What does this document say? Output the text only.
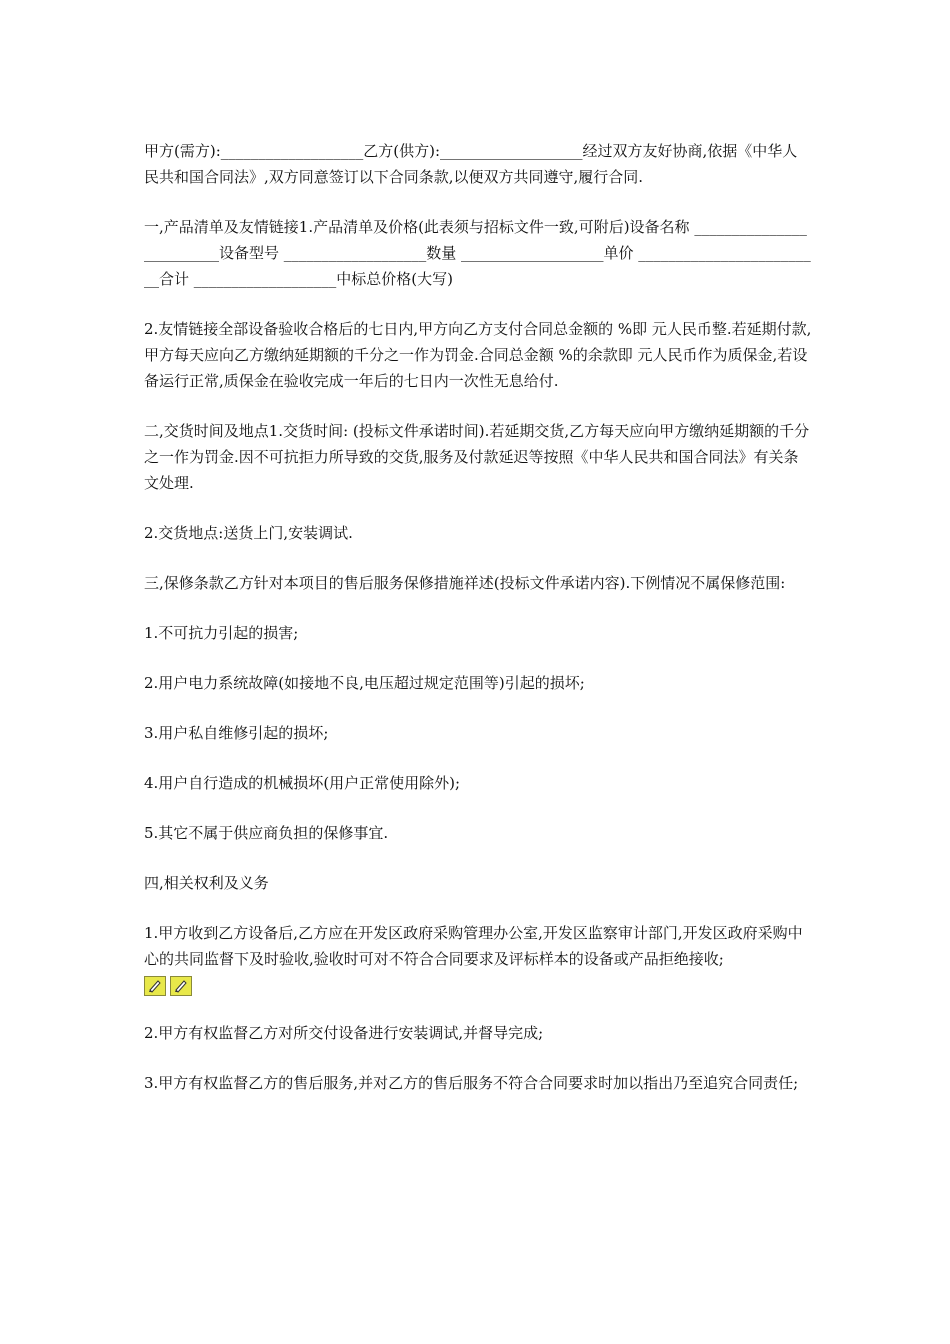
甲方(需方):___________________乙方(供方):___________________经过双方友好协商,依据《中华人民共和国合同法》,双方同意签订以下合同条款,以便双方共同遵守,履行合同.

一,产品清单及友情链接1.产品清单及价格(此表须与招标文件一致,可附后)设备名称 _________________________设备型号 ___________________数量 ___________________单价 _________________________合计 ___________________中标总价格(大写)

2.友情链接全部设备验收合格后的七日内,甲方向乙方支付合同总金额的 %即 元人民币整.若延期付款,甲方每天应向乙方缴纳延期额的千分之一作为罚金.合同总金额 %的余款即 元人民币作为质保金,若设备运行正常,质保金在验收完成一年后的七日内一次性无息给付.

二,交货时间及地点1.交货时间: (投标文件承诺时间).若延期交货,乙方每天应向甲方缴纳延期额的千分之一作为罚金.因不可抗拒力所导致的交货,服务及付款延迟等按照《中华人民共和国合同法》有关条文处理.

2.交货地点:送货上门,安装调试.

三,保修条款乙方针对本项目的售后服务保修措施祥述(投标文件承诺内容).下例情况不属保修范围:

1.不可抗力引起的损害;

2.用户电力系统故障(如接地不良,电压超过规定范围等)引起的损坏;

3.用户私自维修引起的损坏;

4.用户自行造成的机械损坏(用户正常使用除外);

5.其它不属于供应商负担的保修事宜.

四,相关权利及义务

1.甲方收到乙方设备后,乙方应在开发区政府采购管理办公室,开发区监察审计部门,开发区政府采购中心的共同监督下及时验收,验收时可对不符合合同要求及评标样本的设备或产品拒绝接收;

2.甲方有权监督乙方对所交付设备进行安装调试,并督导完成;

3.甲方有权监督乙方的售后服务,并对乙方的售后服务不符合合同要求时加以指出乃至追究合同责任;
